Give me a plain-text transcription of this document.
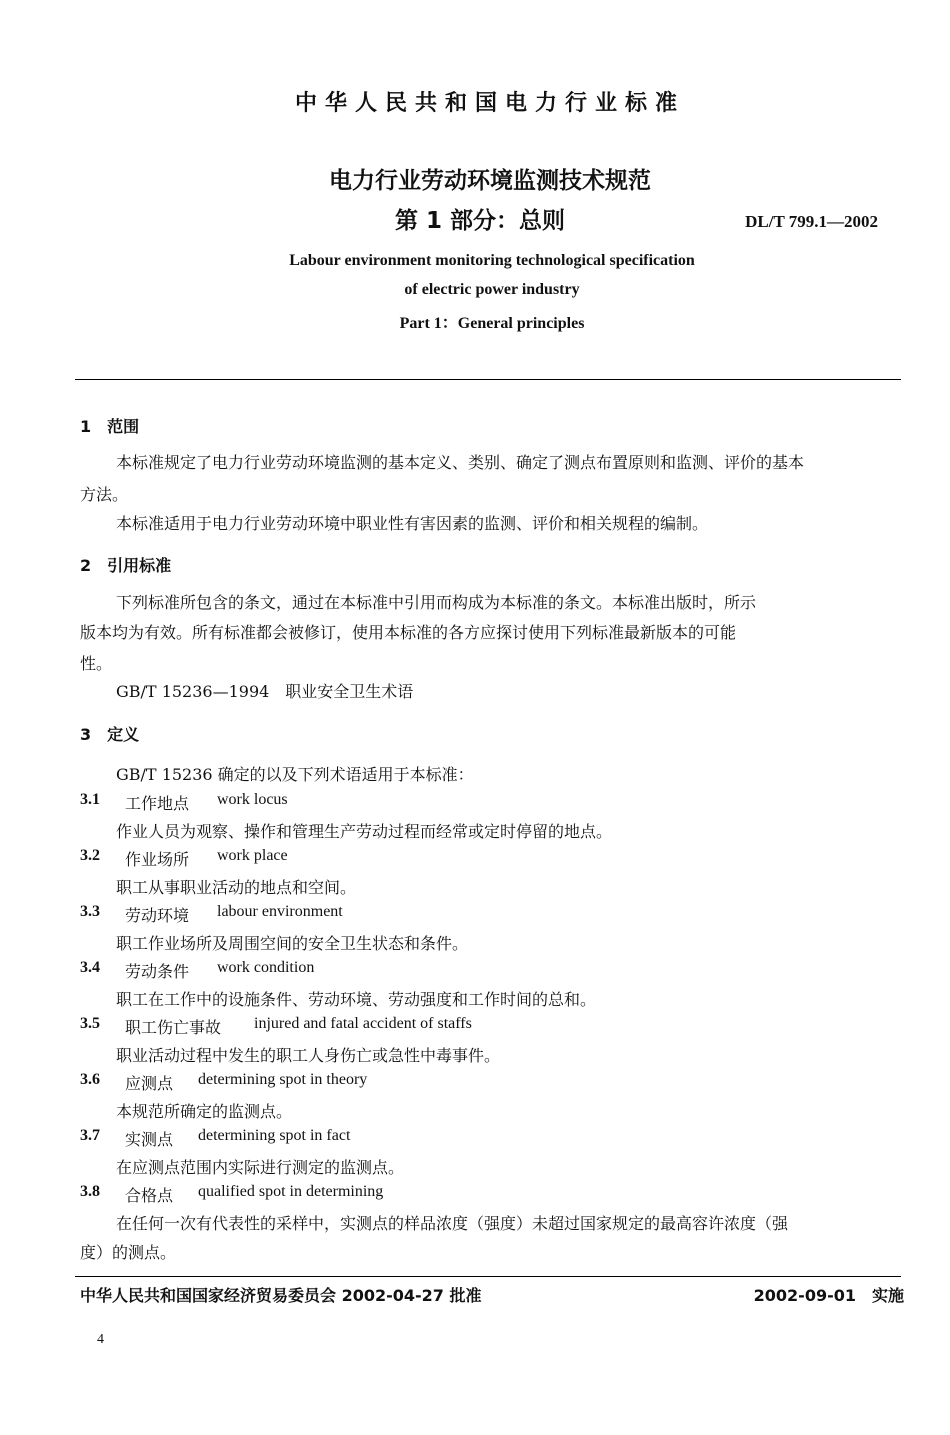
中华人民共和国电力行业标准
电力行业劳动环境监测技术规范
第 1 部分：总则	DL/T 799.1—2002
Labour environment monitoring technological specification
of electric power industry
Part 1：General principles
1　范围
本标准规定了电力行业劳动环境监测的基本定义、类别、确定了测点布置原则和监测、评价的基本
方法。
本标准适用于电力行业劳动环境中职业性有害因素的监测、评价和相关规程的编制。
2　引用标准
下列标准所包含的条文，通过在本标准中引用而构成为本标准的条文。本标准出版时，所示
版本均为有效。所有标准都会被修订，使用本标准的各方应探讨使用下列标准最新版本的可能
性。
GB/T 15236—1994　职业安全卫生术语
3　定义
GB/T 15236 确定的以及下列术语适用于本标准：
3.1 工作地点 work locus
作业人员为观察、操作和管理生产劳动过程而经常或定时停留的地点。
3.2 作业场所 work place
职工从事职业活动的地点和空间。
3.3 劳动环境 labour environment
职工作业场所及周围空间的安全卫生状态和条件。
3.4 劳动条件 work condition
职工在工作中的设施条件、劳动环境、劳动强度和工作时间的总和。
3.5 职工伤亡事故 injured and fatal accident of staffs
职业活动过程中发生的职工人身伤亡或急性中毒事件。
3.6 应测点 determining spot in theory
本规范所确定的监测点。
3.7 实测点 determining spot in fact
在应测点范围内实际进行测定的监测点。
3.8 合格点 qualified spot in determining
在任何一次有代表性的采样中，实测点的样品浓度（强度）未超过国家规定的最高容许浓度（强
度）的测点。
中华人民共和国国家经济贸易委员会 2002-04-27 批准	2002-09-01　实施
4
